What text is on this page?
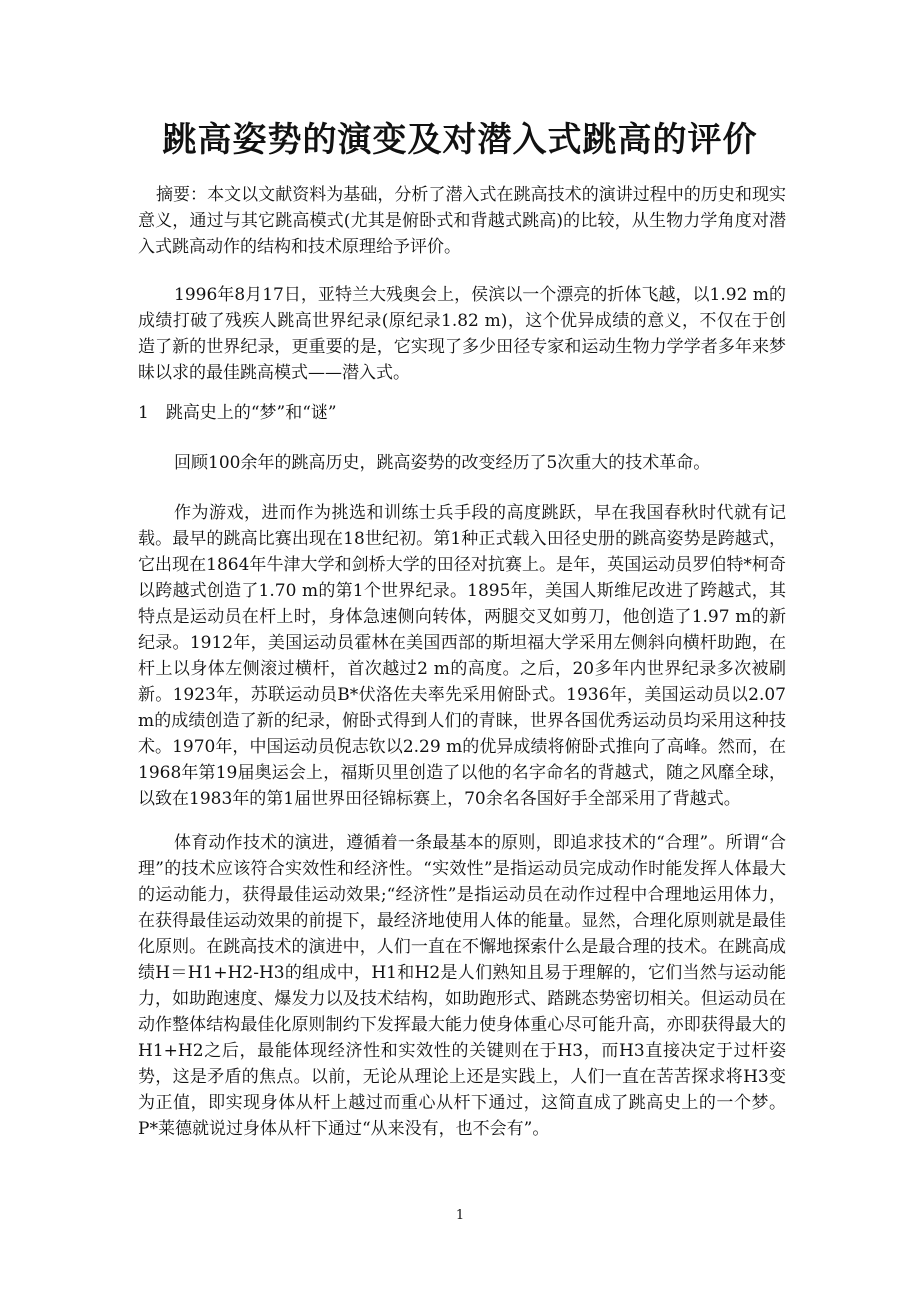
跳高姿势的演变及对潜入式跳高的评价

摘要：本文以文献资料为基础，分析了潜入式在跳高技术的演讲过程中的历史和现实意义，通过与其它跳高模式(尤其是俯卧式和背越式跳高)的比较，从生物力学角度对潜入式跳高动作的结构和技术原理给予评价。

1996年8月17日，亚特兰大残奥会上，侯滨以一个漂亮的折体飞越，以1.92 m的成绩打破了残疾人跳高世界纪录(原纪录1.82 m)，这个优异成绩的意义，不仅在于创造了新的世界纪录，更重要的是，它实现了多少田径专家和运动生物力学学者多年来梦昧以求的最佳跳高模式——潜入式。

1　跳高史上的“梦”和“谜”

回顾100余年的跳高历史，跳高姿势的改变经历了5次重大的技术革命。

作为游戏，进而作为挑选和训练士兵手段的高度跳跃，早在我国春秋时代就有记载。最早的跳高比赛出现在18世纪初。第1种正式载入田径史册的跳高姿势是跨越式，它出现在1864年牛津大学和剑桥大学的田径对抗赛上。是年，英国运动员罗伯特*柯奇以跨越式创造了1.70 m的第1个世界纪录。1895年，美国人斯维尼改进了跨越式，其特点是运动员在杆上时，身体急速侧向转体，两腿交叉如剪刀，他创造了1.97 m的新纪录。1912年，美国运动员霍林在美国西部的斯坦福大学采用左侧斜向横杆助跑，在杆上以身体左侧滚过横杆，首次越过2 m的高度。之后，20多年内世界纪录多次被刷新。1923年，苏联运动员B*伏洛佐夫率先采用俯卧式。1936年，美国运动员以2.07 m的成绩创造了新的纪录，俯卧式得到人们的青睐，世界各国优秀运动员均采用这种技术。1970年，中国运动员倪志钦以2.29 m的优异成绩将俯卧式推向了高峰。然而，在1968年第19届奥运会上，福斯贝里创造了以他的名字命名的背越式，随之风靡全球，以致在1983年的第1届世界田径锦标赛上，70余名各国好手全部采用了背越式。

体育动作技术的演进，遵循着一条最基本的原则，即追求技术的“合理”。所谓“合理”的技术应该符合实效性和经济性。“实效性”是指运动员完成动作时能发挥人体最大的运动能力，获得最佳运动效果;“经济性”是指运动员在动作过程中合理地运用体力，在获得最佳运动效果的前提下，最经济地使用人体的能量。显然，合理化原则就是最佳化原则。在跳高技术的演进中，人们一直在不懈地探索什么是最合理的技术。在跳高成绩H＝H1+H2-H3的组成中，H1和H2是人们熟知且易于理解的，它们当然与运动能力，如助跑速度、爆发力以及技术结构，如助跑形式、踏跳态势密切相关。但运动员在动作整体结构最佳化原则制约下发挥最大能力使身体重心尽可能升高，亦即获得最大的H1+H2之后，最能体现经济性和实效性的关键则在于H3，而H3直接决定于过杆姿势，这是矛盾的焦点。以前，无论从理论上还是实践上，人们一直在苦苦探求将H3变为正值，即实现身体从杆上越过而重心从杆下通过，这简直成了跳高史上的一个梦。P*莱德就说过身体从杆下通过“从来没有，也不会有”。

1
